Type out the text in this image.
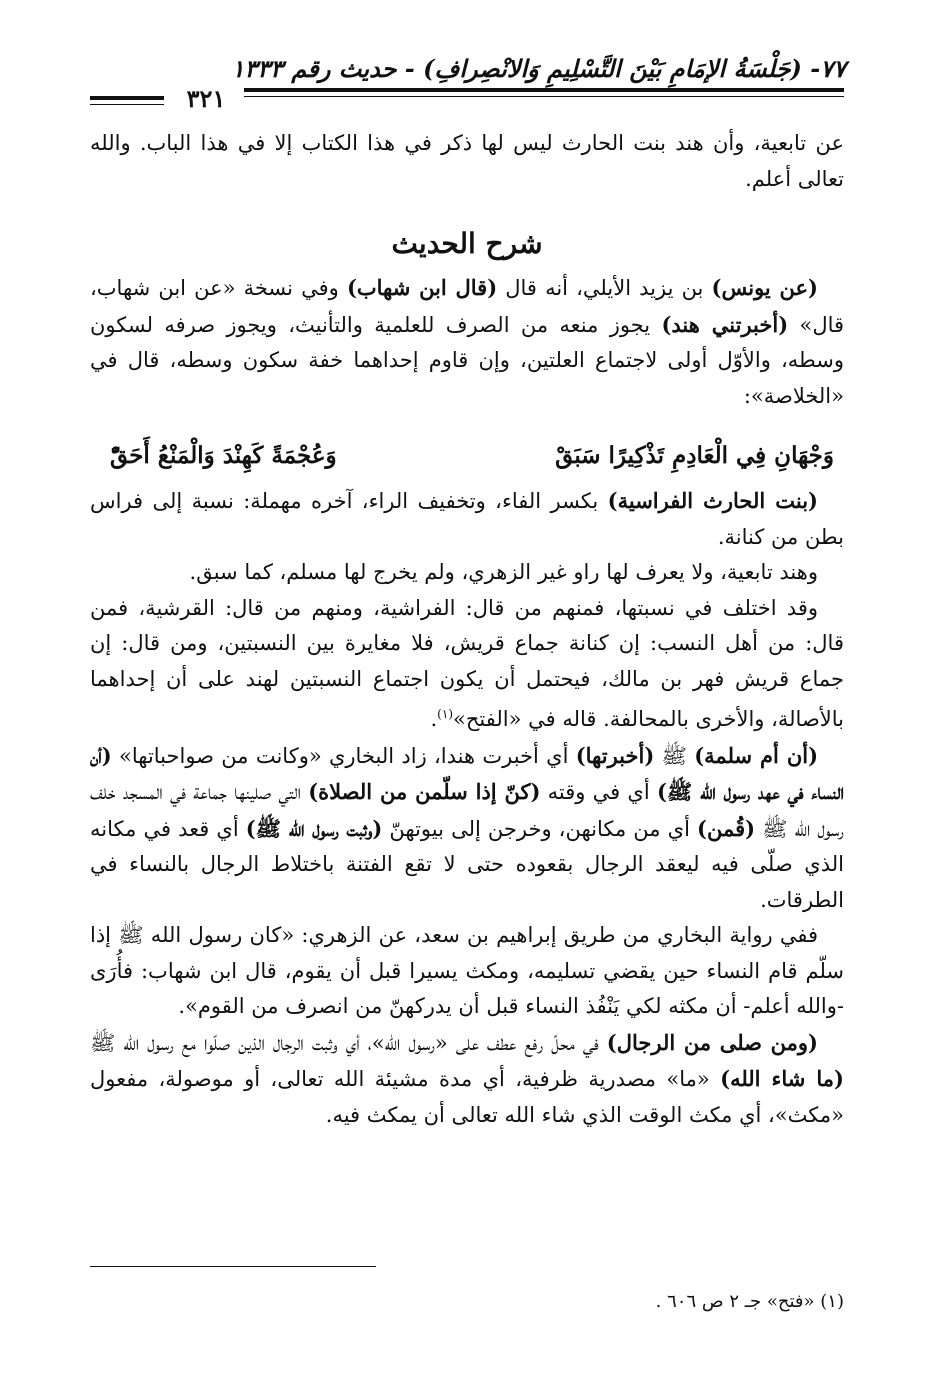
٧٧- (جَلْسَةُ الإمَامِ بَيْنَ التَّسْلِيمِ وَالانْصِرافِ) - حديث رقم ١٣٣٣
٣٢١

عن تابعية، وأن هند بنت الحارث ليس لها ذكر في هذا الكتاب إلا في هذا الباب. والله تعالى أعلم.

شرح الحديث

(عن يونس) بن يزيد الأيلي، أنه قال (قال ابن شهاب) وفي نسخة «عن ابن شهاب، قال» (أخبرتني هند) يجوز منعه من الصرف للعلمية والتأنيث، ويجوز صرفه لسكون وسطه، والأوّل أولى لاجتماع العلتين، وإن قاوم إحداهما خفة سكون وسطه، قال في «الخلاصة»:

وَجْهَانِ فِي الْعَادِمِ تَذْكِيرًا سَبَقْ
وَعُجْمَةً كَهِنْدَ وَالْمَنْعُ أَحَقّْ

(بنت الحارث الفراسية) بكسر الفاء، وتخفيف الراء، آخره مهملة: نسبة إلى فراس بطن من كنانة.

وهند تابعية، ولا يعرف لها راو غير الزهري، ولم يخرج لها مسلم، كما سبق.

وقد اختلف في نسبتها، فمنهم من قال: الفراشية، ومنهم من قال: القرشية، فمن قال: من أهل النسب: إن كنانة جماع قريش، فلا مغايرة بين النسبتين، ومن قال: إن جماع قريش فهر بن مالك، فيحتمل أن يكون اجتماع النسبتين لهند على أن إحداهما بالأصالة، والأخرى بالمحالفة. قاله في «الفتح»$^{(١)}$.

(أن أم سلمة) ﷺ (أخبرتها) أي أخبرت هندا، زاد البخاري «وكانت من صواحباتها» (أن النساء في عهد رسول الله ﷺ) أي في وقته (كنّ إذا سلّمن من الصلاة) التي صلينها جماعة في المسجد خلف رسول الله ﷺ (قُمن) أي من مكانهن، وخرجن إلى بيوتهنّ (وثبت رسول الله ﷺ) أي قعد في مكانه الذي صلّى فيه ليعقد الرجال بقعوده حتى لا تقع الفتنة باختلاط الرجال بالنساء في الطرقات.

ففي رواية البخاري من طريق إبراهيم بن سعد، عن الزهري: «كان رسول الله ﷺ إذا سلّم قام النساء حين يقضي تسليمه، ومكث يسيرا قبل أن يقوم، قال ابن شهاب: فأُرَى -والله أعلم- أن مكثه لكي يَنْفُذ النساء قبل أن يدركهنّ من انصرف من القوم».

(ومن صلى من الرجال) في محلّ رفع عطف على «رسول الله»، أي وثبت الرجال الذين صلّوا مع رسول الله ﷺ (ما شاء الله) «ما» مصدرية ظرفية، أي مدة مشيئة الله تعالى، أو موصولة، مفعول «مكث»، أي مكث الوقت الذي شاء الله تعالى أن يمكث فيه.

(١) «فتح» جـ ٢ ص ٦٠٦ .
